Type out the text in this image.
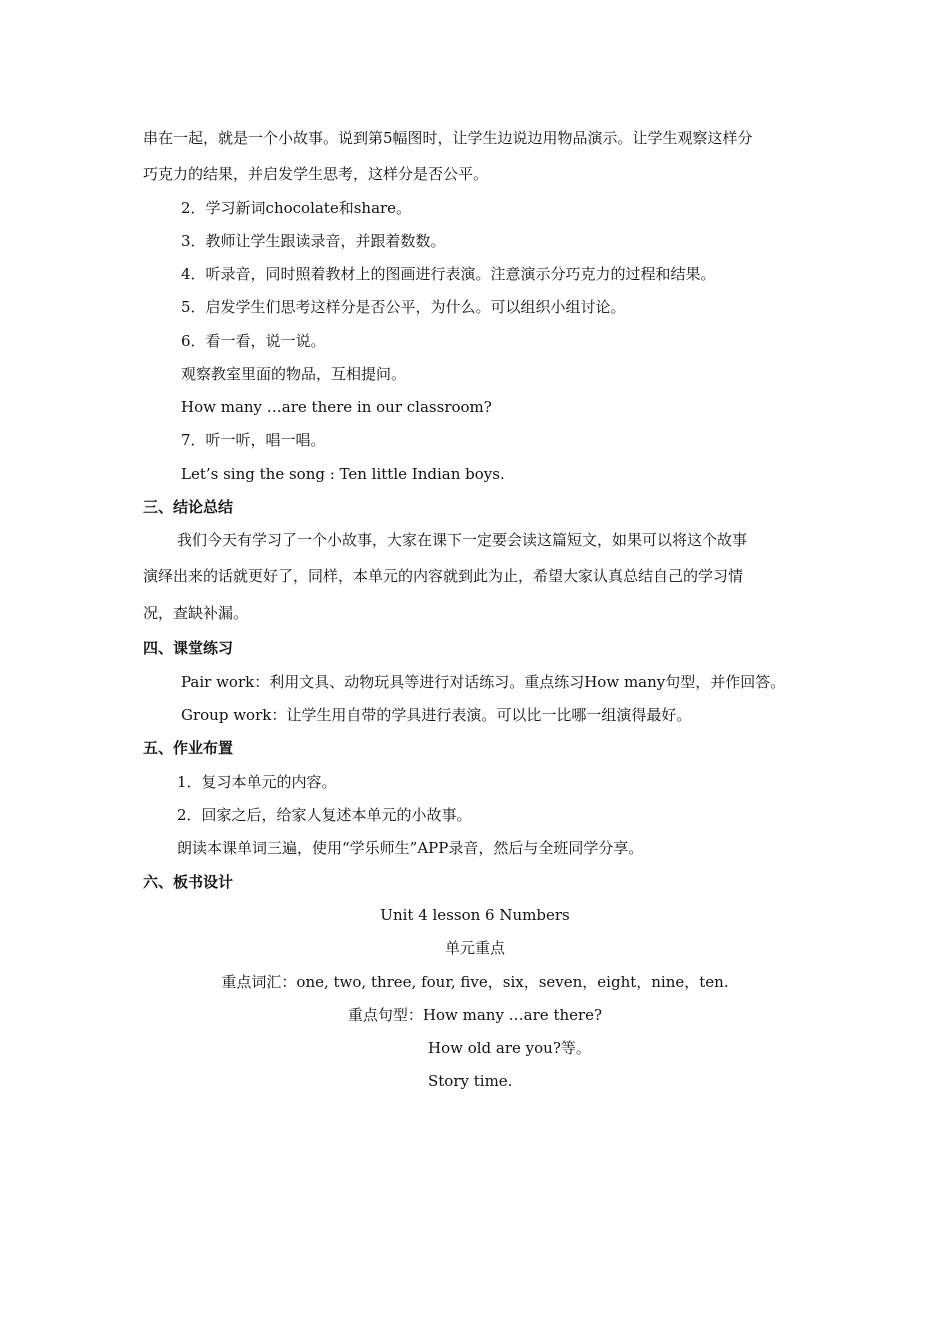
串在一起，就是一个小故事。说到第5幅图时，让学生边说边用物品演示。让学生观察这样分
巧克力的结果，并启发学生思考，这样分是否公平。
2．学习新词chocolate和share。
3．教师让学生跟读录音，并跟着数数。
4．听录音，同时照着教材上的图画进行表演。注意演示分巧克力的过程和结果。
5．启发学生们思考这样分是否公平，为什么。可以组织小组讨论。
6．看一看，说一说。
观察教室里面的物品，互相提问。
How many …are there in our classroom?
7．听一听，唱一唱。
Let’s sing the song : Ten little Indian boys.
三、结论总结
我们今天有学习了一个小故事，大家在课下一定要会读这篇短文，如果可以将这个故事
演绎出来的话就更好了，同样，本单元的内容就到此为止，希望大家认真总结自己的学习情
况，查缺补漏。
四、课堂练习
Pair work：利用文具、动物玩具等进行对话练习。重点练习How many句型，并作回答。
Group work：让学生用自带的学具进行表演。可以比一比哪一组演得最好。
五、作业布置
1．复习本单元的内容。
2．回家之后，给家人复述本单元的小故事。
朗读本课单词三遍，使用“学乐师生”APP录音，然后与全班同学分享。
六、板书设计
Unit 4 lesson 6 Numbers
单元重点
重点词汇：one, two, three, four, five，six，seven，eight，nine，ten.
重点句型：How many …are there?
How old are you?等。
Story time.
